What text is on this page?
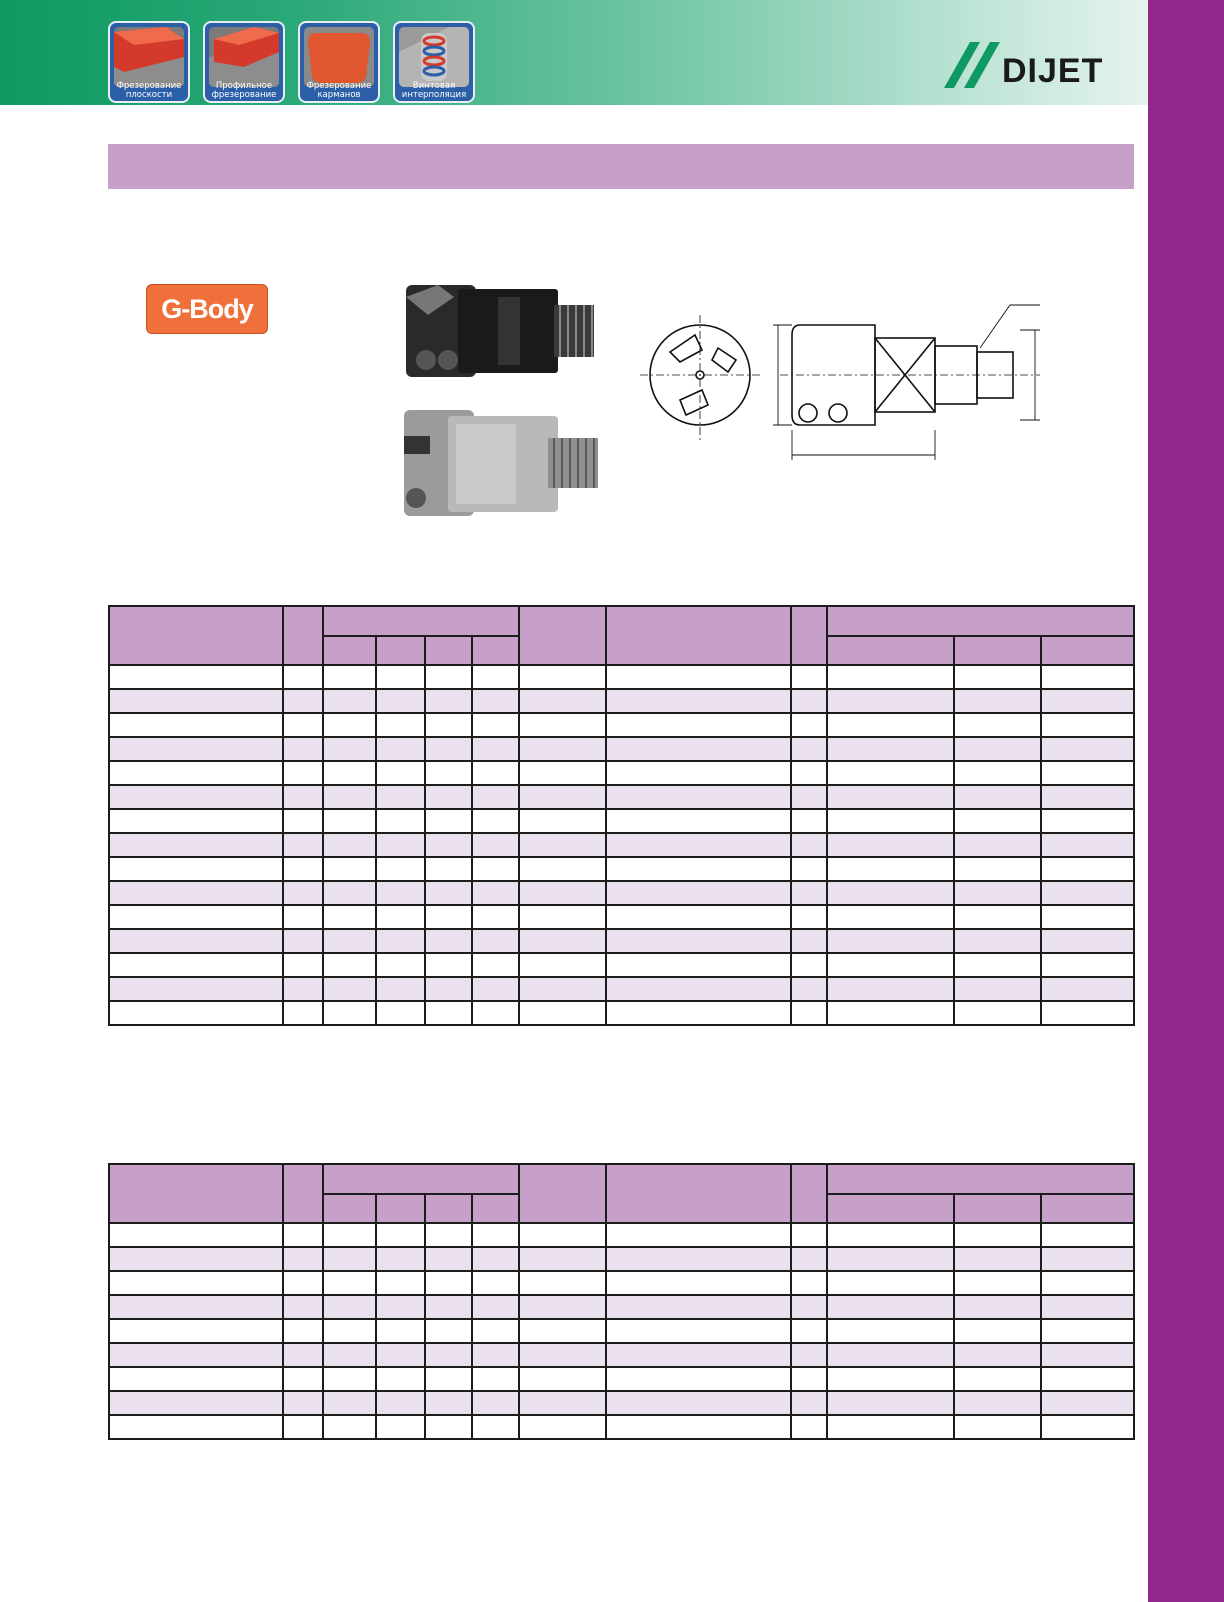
Фрезерование
плоскости
Профильное
фрезерование
Фрезерование
карманов
Винтовая
интерполяция
DIJET
G-Body
